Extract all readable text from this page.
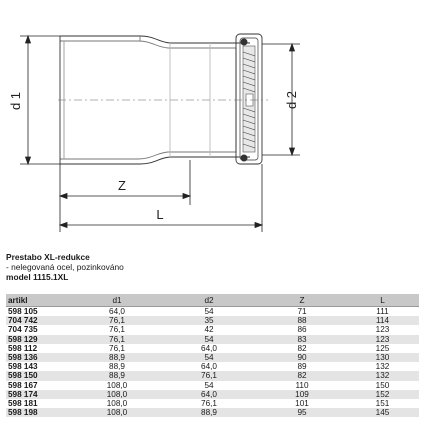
d 1	d 2
Z
L
Prestabo XL-redukce
- nelegovaná ocel, pozinkováno
model 1115.1XL
artikl	d1	d2	Z	L
598 105	64,0	54	71	111
704 742	76,1	35	88	114
704 735	76,1	42	86	123
598 129	76,1	54	83	123
598 112	76,1	64,0	82	125
598 136	88,9	54	90	130
598 143	88,9	64,0	89	132
598 150	88,9	76,1	82	132
598 167	108,0	54	110	150
598 174	108,0	64,0	109	152
598 181	108,0	76,1	101	151
598 198	108,0	88,9	95	145
